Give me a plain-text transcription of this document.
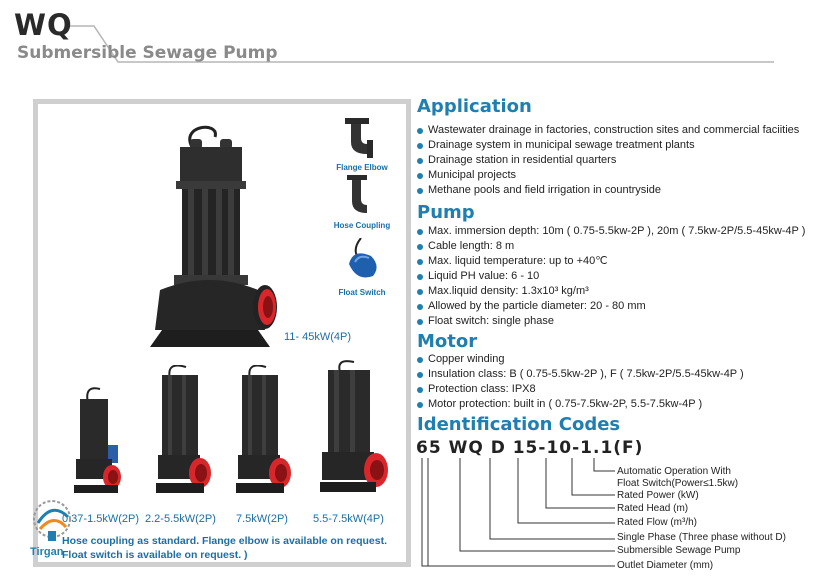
WQ
Submersible Sewage Pump
11- 45kW(4P)
Flange Elbow
Hose Coupling
Float Switch
0.37-1.5kW(2P) 2.2-5.5kW(2P) 7.5kW(2P) 5.5-7.5kW(4P)
Hose coupling as standard. Flange elbow is available on request.
Float switch is available on request. )
Tirgan
Application
Wastewater drainage in factories, construction sites and commercial faciities
Drainage system in municipal sewage treatment plants
Drainage station in residential quarters
Municipal projects
Methane pools and field irrigation in countryside
Pump
Max. immersion depth: 10m ( 0.75-5.5kw-2P ), 20m ( 7.5kw-2P/5.5-45kw-4P )
Cable length: 8 m
Max. liquid temperature: up to +40℃
Liquid PH value: 6 - 10
Max.liquid density: 1.3x10³ kg/m³
Allowed by the particle diameter: 20 - 80 mm
Float switch: single phase
Motor
Copper winding
Insulation class: B ( 0.75-5.5kw-2P ), F ( 7.5kw-2P/5.5-45kw-4P )
Protection class: IPX8
Motor protection: built in ( 0.75-7.5kw-2P, 5.5-7.5kw-4P )
Identification Codes
65 WQ D 15-10-1.1(F)
Automatic Operation With
Float Switch(Power≤1.5kw)
Rated Power (kW)
Rated Head (m)
Rated Flow (m³/h)
Single Phase (Three phase without D)
Submersible Sewage Pump
Outlet Diameter (mm)
